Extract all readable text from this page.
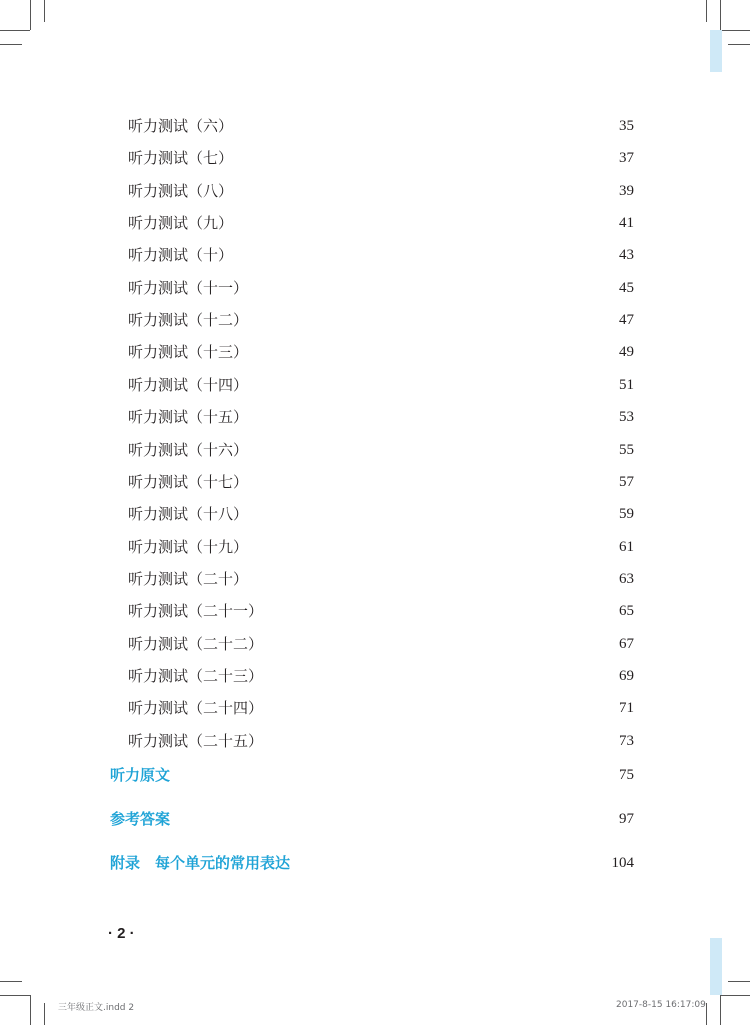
听力测试（六）	35
听力测试（七）	37
听力测试（八）	39
听力测试（九）	41
听力测试（十）	43
听力测试（十一）	45
听力测试（十二）	47
听力测试（十三）	49
听力测试（十四）	51
听力测试（十五）	53
听力测试（十六）	55
听力测试（十七）	57
听力测试（十八）	59
听力测试（十九）	61
听力测试（二十）	63
听力测试（二十一）	65
听力测试（二十二）	67
听力测试（二十三）	69
听力测试（二十四）	71
听力测试（二十五）	73
听力原文	75
参考答案	97
附录　每个单元的常用表达	104
· 2 ·
三年级正文.indd 2	2017-8-15 16:17:09
